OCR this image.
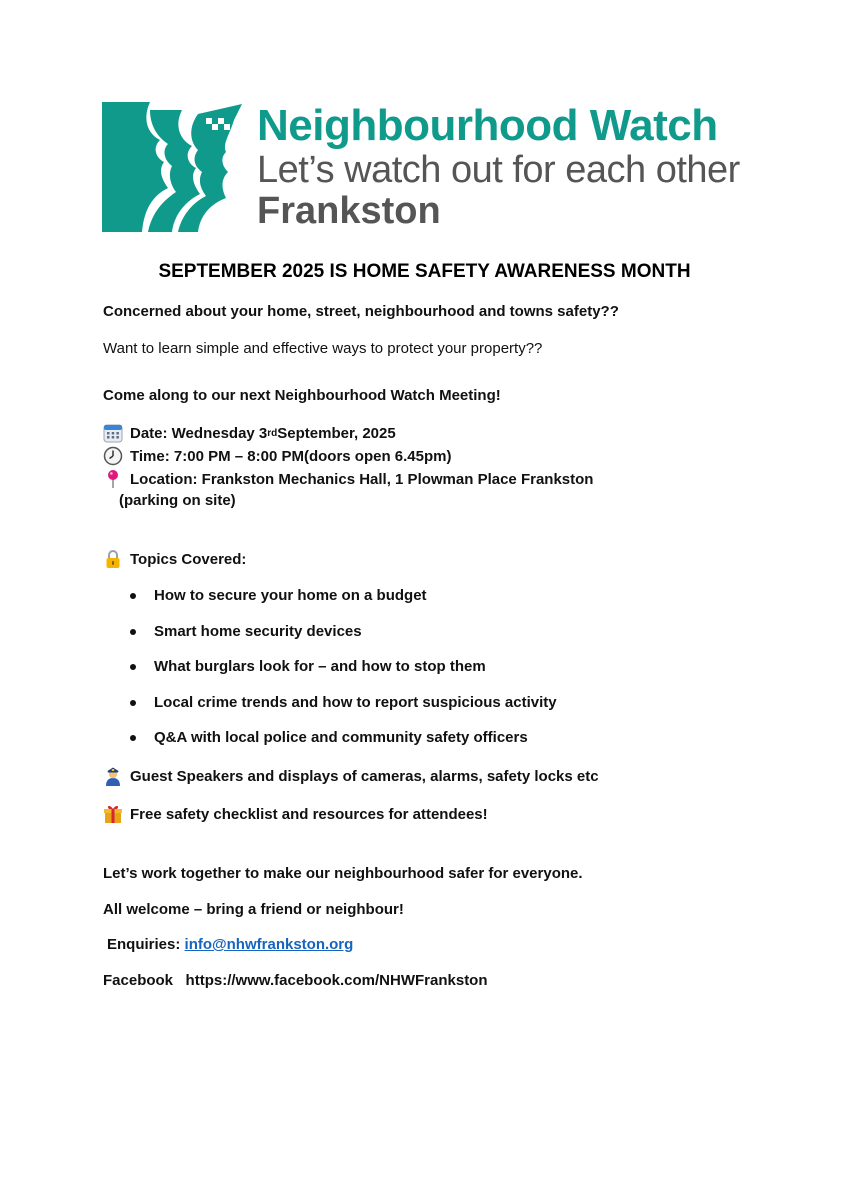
Neighbourhood Watch
Let’s watch out for each other
Frankston
SEPTEMBER 2025 IS HOME SAFETY AWARENESS MONTH
Concerned about your home, street, neighbourhood and towns safety??
Want to learn simple and effective ways to protect your property??
Come along to our next Neighbourhood Watch Meeting!
Date: Wednesday 3 rd September, 2025
Time: 7:00 PM – 8:00 PM(doors open 6.45pm)
Location: Frankston Mechanics Hall, 1 Plowman Place Frankston
(parking on site)
Topics Covered:
How to secure your home on a budget
Smart home security devices
What burglars look for – and how to stop them
Local crime trends and how to report suspicious activity
Q&A with local police and community safety officers
Guest Speakers and displays of cameras, alarms, safety locks etc
Free safety checklist and resources for attendees!
Let’s work together to make our neighbourhood safer for everyone.
All welcome – bring a friend or neighbour!
Enquiries: info@nhwfrankston.org
Facebook https://www.facebook.com/NHWFrankston
